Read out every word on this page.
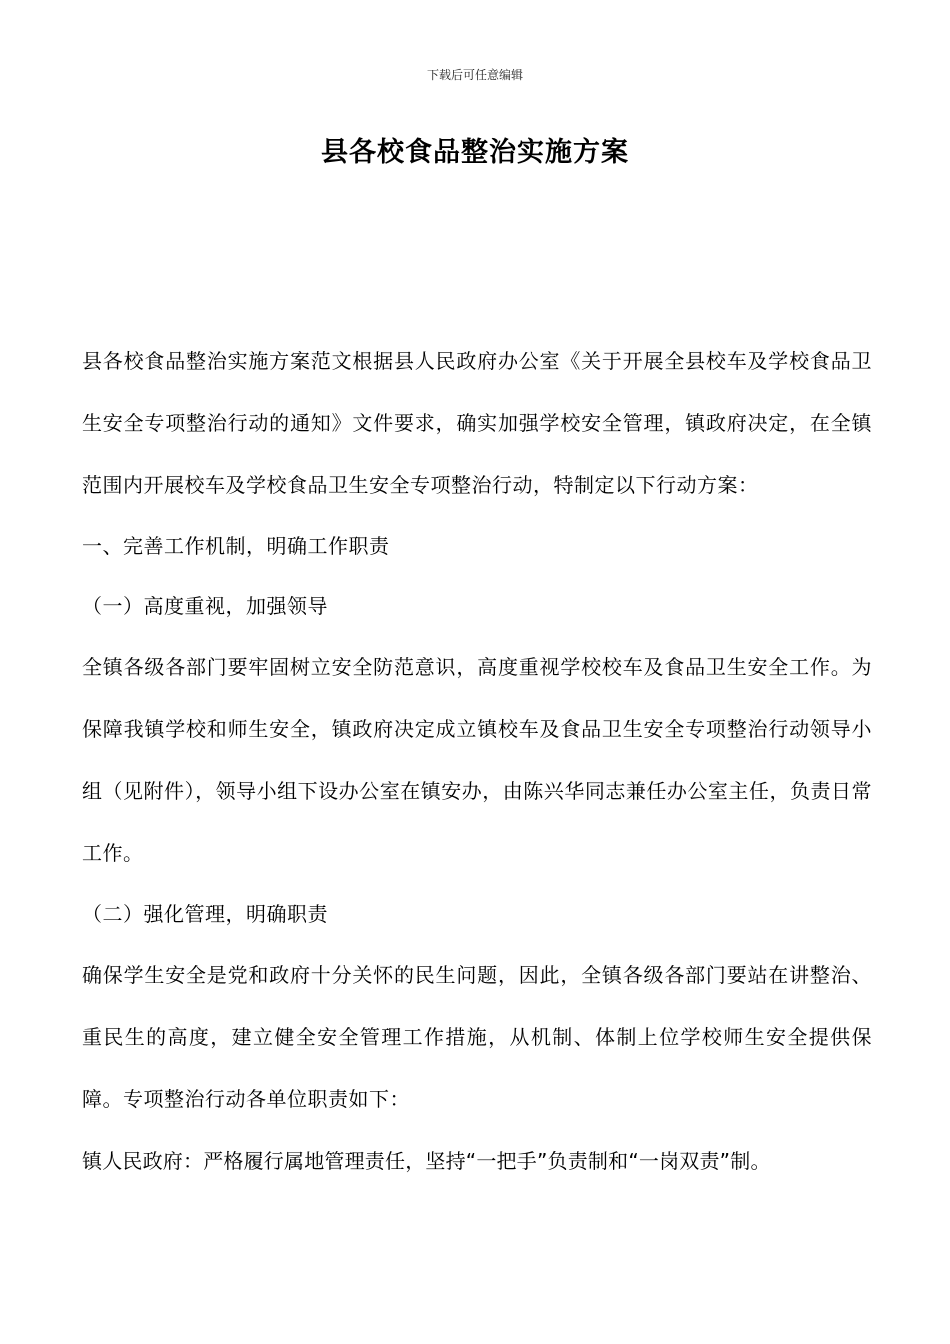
下载后可任意编辑
县各校食品整治实施方案

县各校食品整治实施方案范文根据县人民政府办公室《关于开展全县校车及学校食品卫生安全专项整治行动的通知》文件要求，确实加强学校安全管理，镇政府决定，在全镇范围内开展校车及学校食品卫生安全专项整治行动，特制定以下行动方案：

一、完善工作机制，明确工作职责

（一）高度重视，加强领导

全镇各级各部门要牢固树立安全防范意识，高度重视学校校车及食品卫生安全工作。为保障我镇学校和师生安全，镇政府决定成立镇校车及食品卫生安全专项整治行动领导小组（见附件），领导小组下设办公室在镇安办，由陈兴华同志兼任办公室主任，负责日常工作。

（二）强化管理，明确职责

确保学生安全是党和政府十分关怀的民生问题，因此，全镇各级各部门要站在讲整治、重民生的高度，建立健全安全管理工作措施，从机制、体制上位学校师生安全提供保障。专项整治行动各单位职责如下：

镇人民政府：严格履行属地管理责任，坚持“一把手”负责制和“一岗双责”制。
